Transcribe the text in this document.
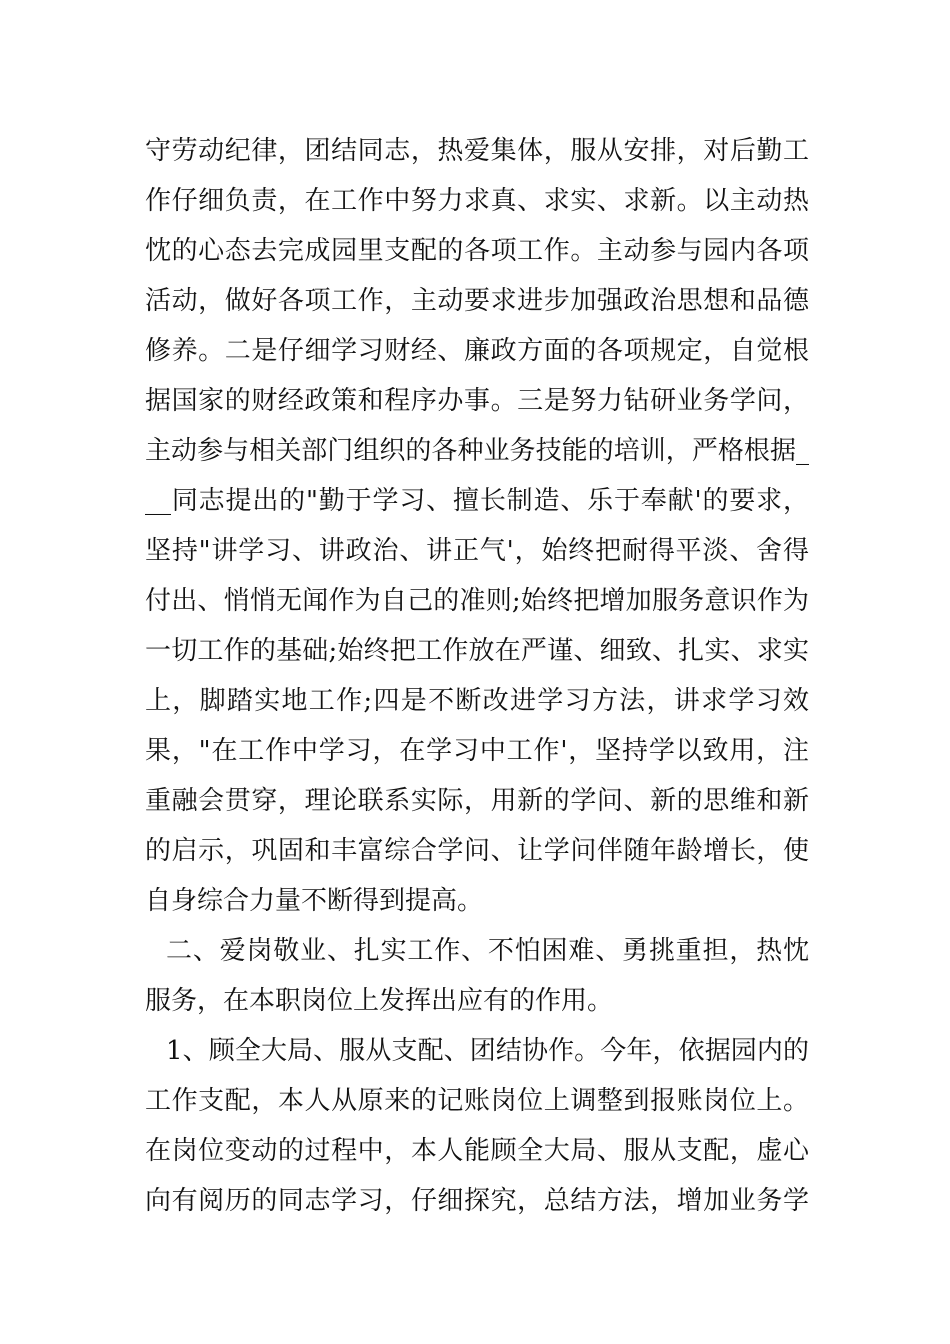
守劳动纪律，团结同志，热爱集体，服从安排，对后勤工
作仔细负责，在工作中努力求真、求实、求新。以主动热
忱的心态去完成园里支配的各项工作。主动参与园内各项
活动，做好各项工作，主动要求进步加强政治思想和品德
修养。二是仔细学习财经、廉政方面的各项规定，自觉根
据国家的财经政策和程序办事。三是努力钻研业务学问，
主动参与相关部门组织的各种业务技能的培训，严格根据_
__同志提出的"勤于学习、擅长制造、乐于奉献'的要求，
坚持"讲学习、讲政治、讲正气'，始终把耐得平淡、舍得
付出、悄悄无闻作为自己的准则;始终把增加服务意识作为
一切工作的基础;始终把工作放在严谨、细致、扎实、求实
上，脚踏实地工作;四是不断改进学习方法，讲求学习效
果，"在工作中学习，在学习中工作'，坚持学以致用，注
重融会贯穿，理论联系实际，用新的学问、新的思维和新
的启示，巩固和丰富综合学问、让学问伴随年龄增长，使
自身综合力量不断得到提高。
二、爱岗敬业、扎实工作、不怕困难、勇挑重担，热忱
服务，在本职岗位上发挥出应有的作用。
1、顾全大局、服从支配、团结协作。今年，依据园内的
工作支配，本人从原来的记账岗位上调整到报账岗位上。
在岗位变动的过程中，本人能顾全大局、服从支配，虚心
向有阅历的同志学习，仔细探究，总结方法，增加业务学
